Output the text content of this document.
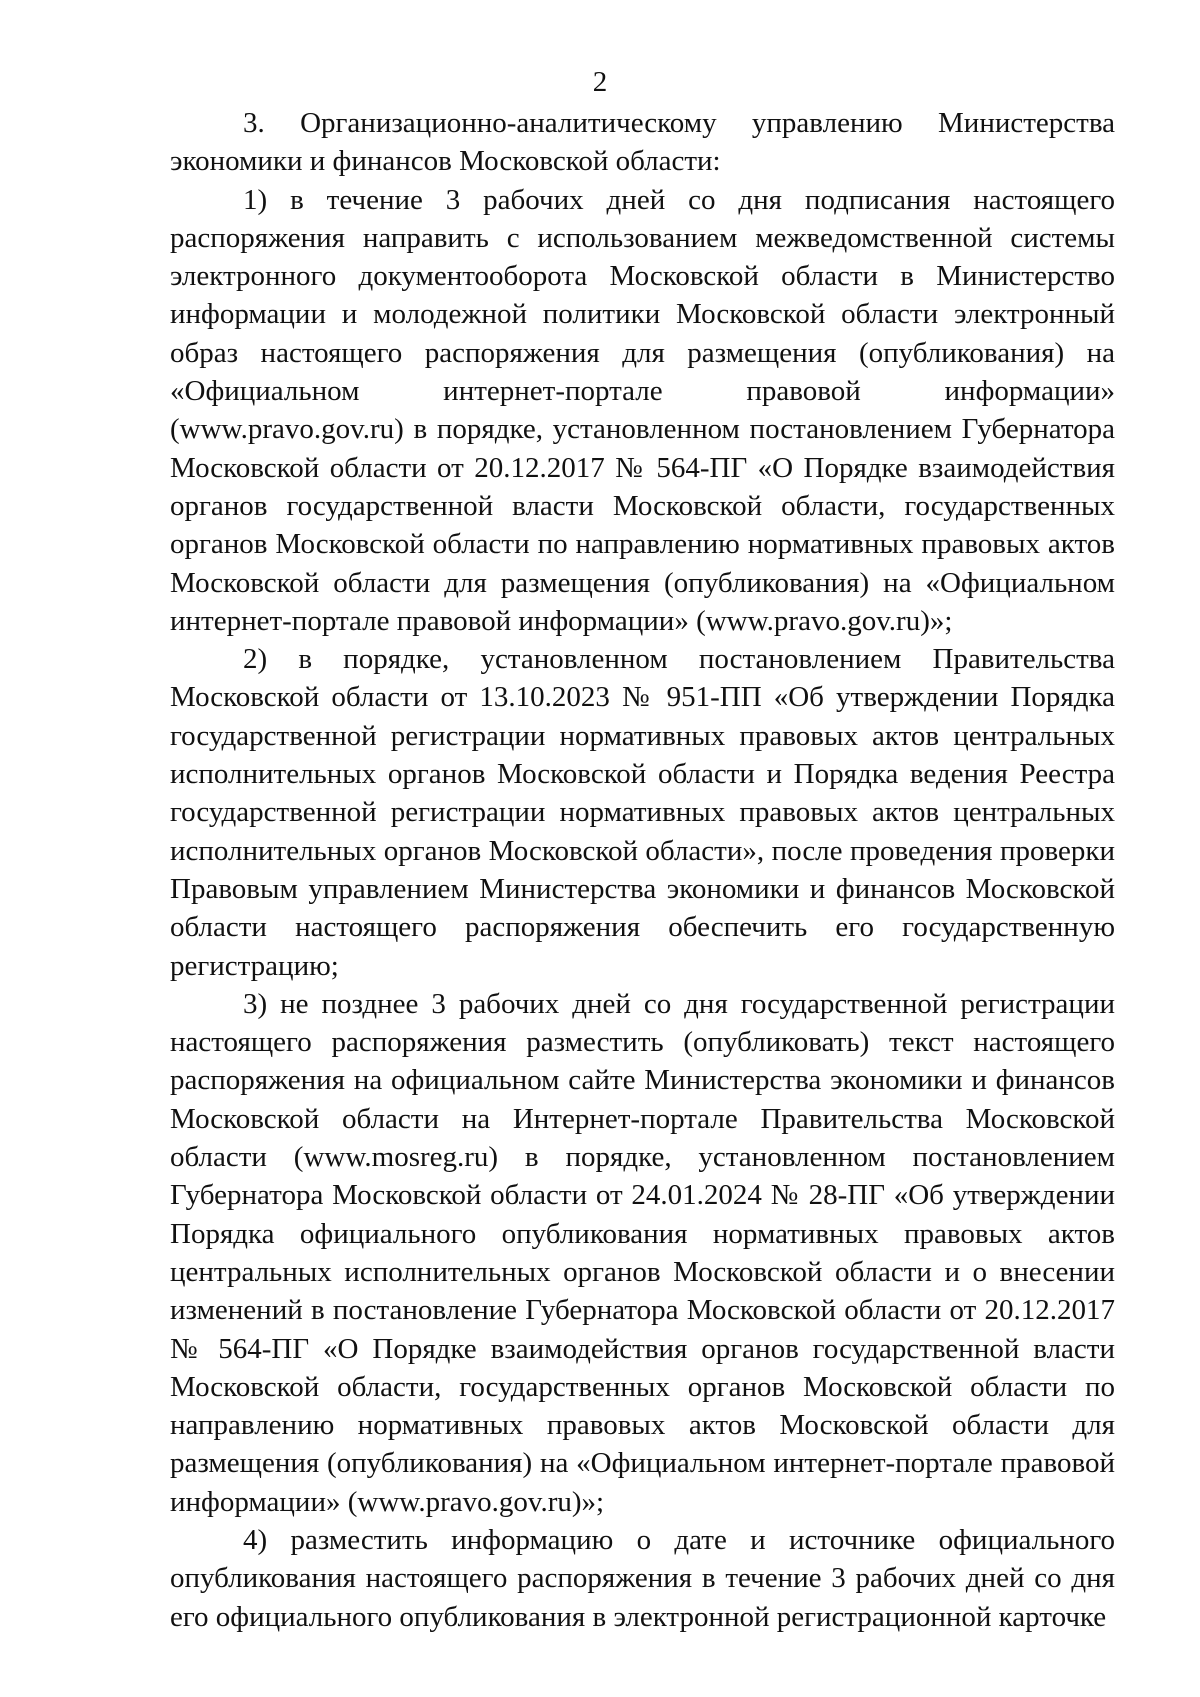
2

3. Организационно-аналитическому управлению Министерства экономики и финансов Московской области:

1) в течение 3 рабочих дней со дня подписания настоящего распоряжения направить с использованием межведомственной системы электронного документооборота Московской области в Министерство информации и молодежной политики Московской области электронный образ настоящего распоряжения для размещения (опубликования) на «Официальном интернет-портале правовой информации» (www.pravo.gov.ru) в порядке, установленном постановлением Губернатора Московской области от 20.12.2017 № 564-ПГ «О Порядке взаимодействия органов государственной власти Московской области, государственных органов Московской области по направлению нормативных правовых актов Московской области для размещения (опубликования) на «Официальном интернет-портале правовой информации» (www.pravo.gov.ru)»;

2) в порядке, установленном постановлением Правительства Московской области от 13.10.2023 № 951-ПП «Об утверждении Порядка государственной регистрации нормативных правовых актов центральных исполнительных органов Московской области и Порядка ведения Реестра государственной регистрации нормативных правовых актов центральных исполнительных органов Московской области», после проведения проверки Правовым управлением Министерства экономики и финансов Московской области настоящего распоряжения обеспечить его государственную регистрацию;

3) не позднее 3 рабочих дней со дня государственной регистрации настоящего распоряжения разместить (опубликовать) текст настоящего распоряжения на официальном сайте Министерства экономики и финансов Московской области на Интернет-портале Правительства Московской области (www.mosreg.ru) в порядке, установленном постановлением Губернатора Московской области от 24.01.2024 № 28-ПГ «Об утверждении Порядка официального опубликования нормативных правовых актов центральных исполнительных органов Московской области и о внесении изменений в постановление Губернатора Московской области от 20.12.2017 № 564-ПГ «О Порядке взаимодействия органов государственной власти Московской области, государственных органов Московской области по направлению нормативных правовых актов Московской области для размещения (опубликования) на «Официальном интернет-портале правовой информации» (www.pravo.gov.ru)»;

4) разместить информацию о дате и источнике официального опубликования настоящего распоряжения в течение 3 рабочих дней со дня его официального опубликования в электронной регистрационной карточке
